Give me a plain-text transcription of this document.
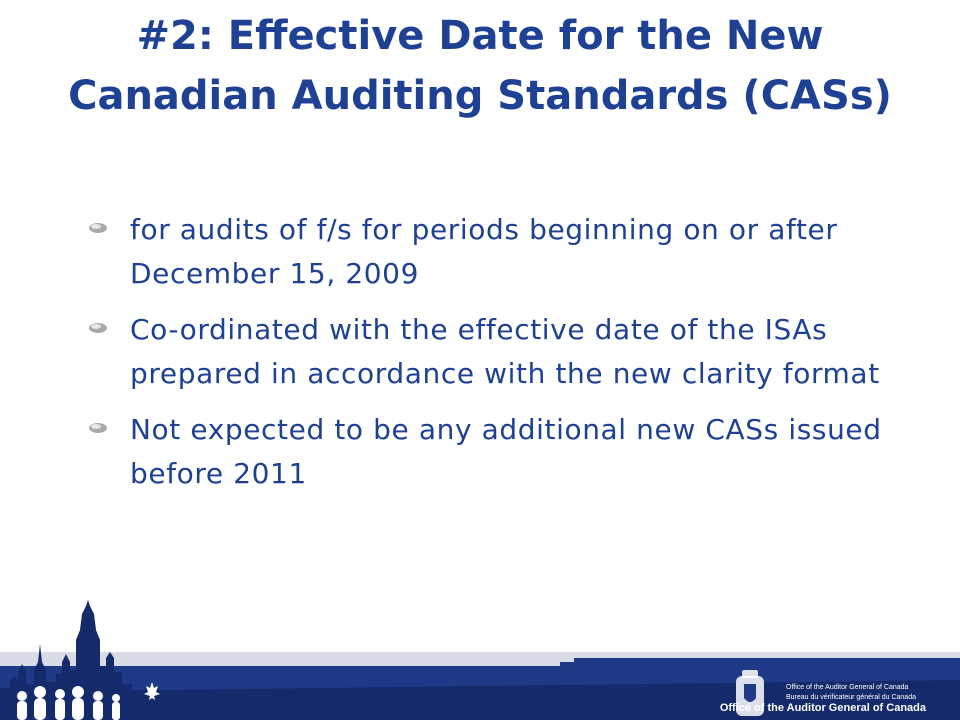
#2: Effective Date for the New Canadian Auditing Standards (CASs)
for audits of f/s for periods beginning on or after December 15, 2009
Co-ordinated with the effective date of the ISAs prepared in accordance with the new clarity format
Not expected to be any additional new CASs issued before 2011
Office of the Auditor General of Canada
Bureau du vérificateur général du Canada
Office of the Auditor General of Canada
